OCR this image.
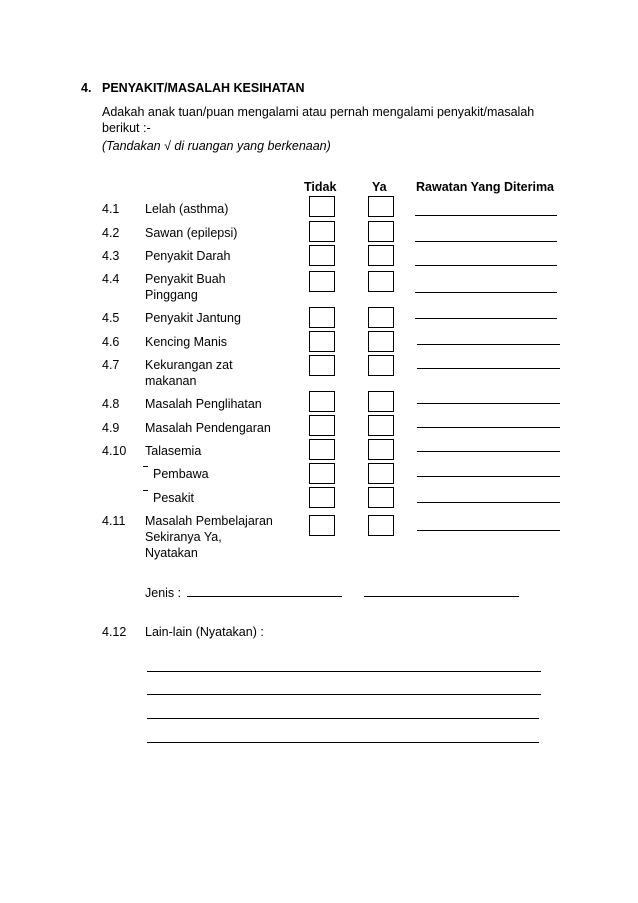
4. PENYAKIT/MASALAH KESIHATAN
Adakah anak tuan/puan mengalami atau pernah mengalami penyakit/masalah
berikut :-
(Tandakan √ di ruangan yang berkenaan)
Tidak	Ya Rawatan Yang Diterima
4.1 Lelah (asthma)
4.2 Sawan (epilepsi)
4.3 Penyakit Darah
4.4 Penyakit Buah
Pinggang
4.5 Penyakit Jantung
4.6 Kencing Manis
4.7 Kekurangan zat
makanan
4.8 Masalah Penglihatan
4.9 Masalah Pendengaran
4.10 Talasemia
Pembawa
Pesakit
4.11 Masalah Pembelajaran
Sekiranya Ya,
Nyatakan
Jenis :
4.12 Lain-lain (Nyatakan) :
